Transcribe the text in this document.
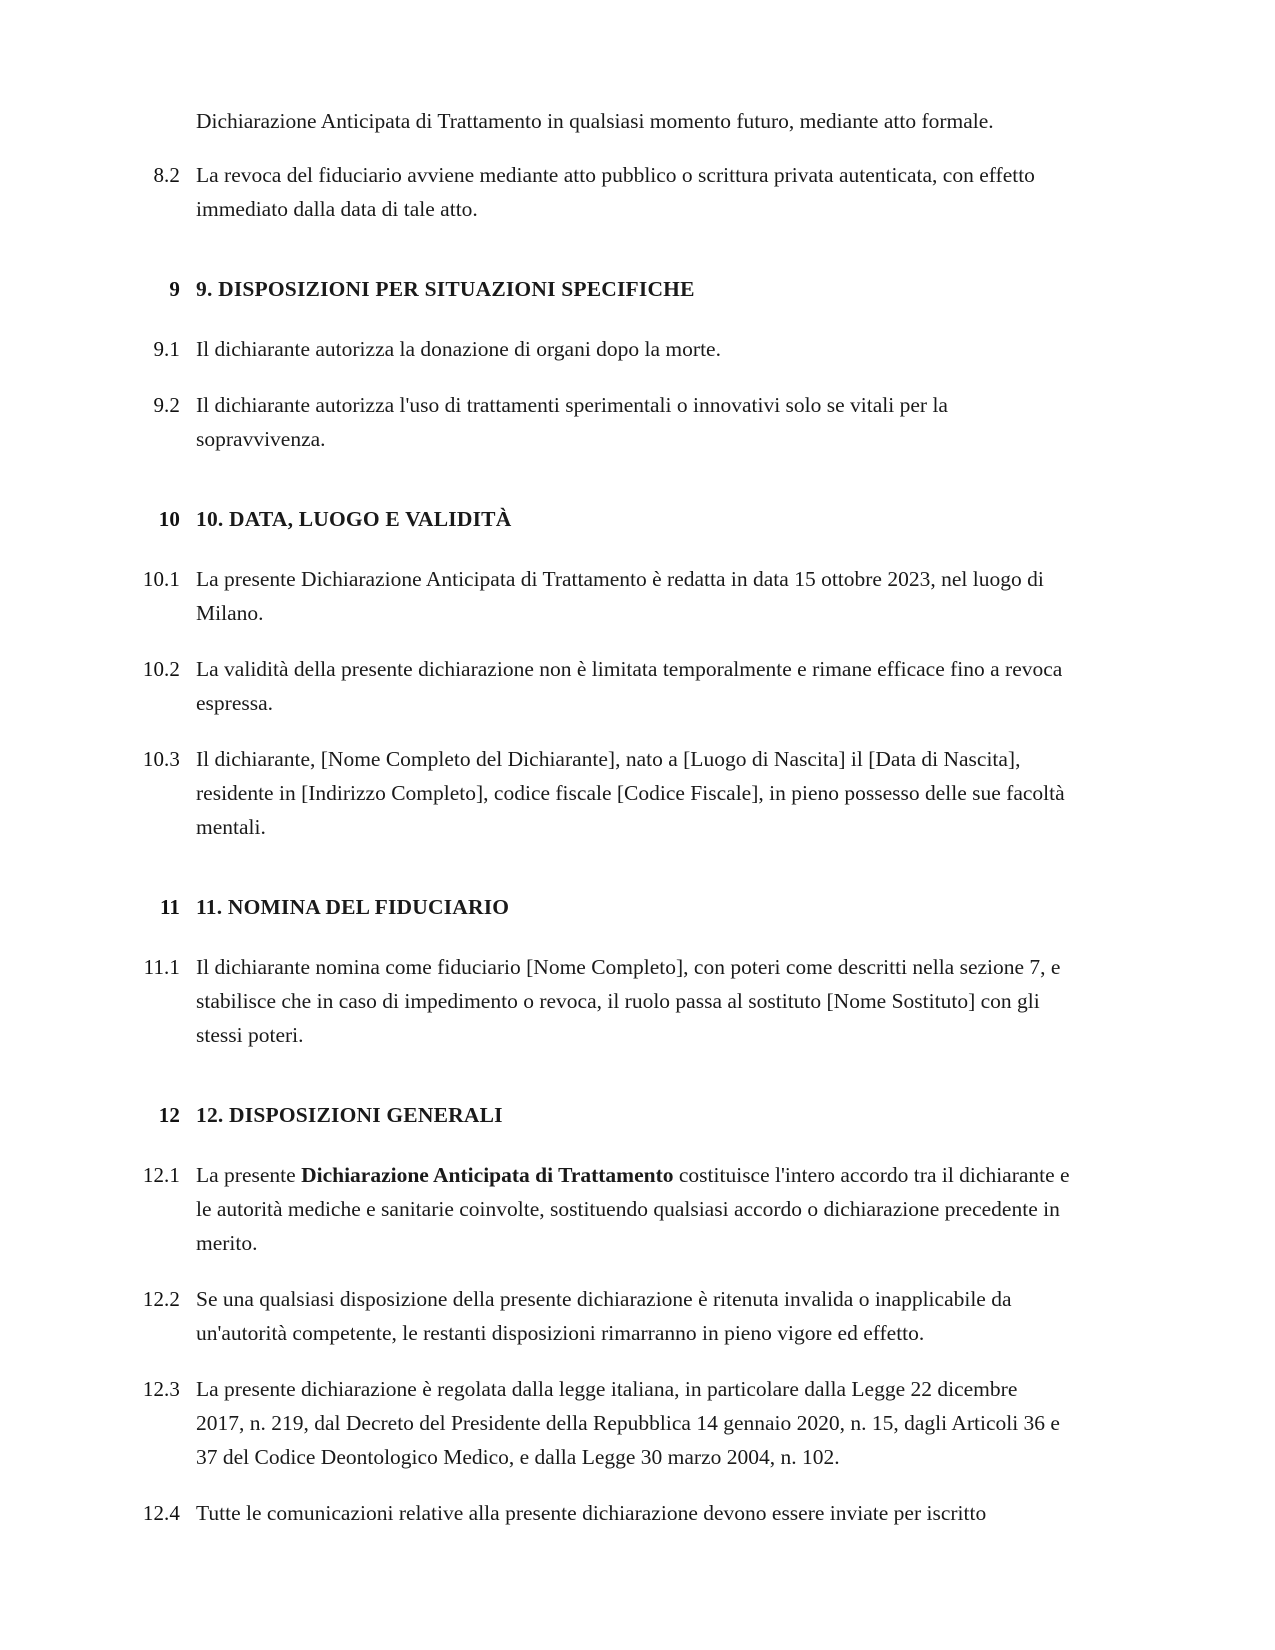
Dichiarazione Anticipata di Trattamento in qualsiasi momento futuro, mediante atto formale.
8.2 La revoca del fiduciario avviene mediante atto pubblico o scrittura privata autenticata, con effetto immediato dalla data di tale atto.
9 9. DISPOSIZIONI PER SITUAZIONI SPECIFICHE
9.1 Il dichiarante autorizza la donazione di organi dopo la morte.
9.2 Il dichiarante autorizza l'uso di trattamenti sperimentali o innovativi solo se vitali per la sopravvivenza.
10 10. DATA, LUOGO E VALIDITÀ
10.1 La presente Dichiarazione Anticipata di Trattamento è redatta in data 15 ottobre 2023, nel luogo di Milano.
10.2 La validità della presente dichiarazione non è limitata temporalmente e rimane efficace fino a revoca espressa.
10.3 Il dichiarante, [Nome Completo del Dichiarante], nato a [Luogo di Nascita] il [Data di Nascita], residente in [Indirizzo Completo], codice fiscale [Codice Fiscale], in pieno possesso delle sue facoltà mentali.
11 11. NOMINA DEL FIDUCIARIO
11.1 Il dichiarante nomina come fiduciario [Nome Completo], con poteri come descritti nella sezione 7, e stabilisce che in caso di impedimento o revoca, il ruolo passa al sostituto [Nome Sostituto] con gli stessi poteri.
12 12. DISPOSIZIONI GENERALI
12.1 La presente Dichiarazione Anticipata di Trattamento costituisce l'intero accordo tra il dichiarante e le autorità mediche e sanitarie coinvolte, sostituendo qualsiasi accordo o dichiarazione precedente in merito.
12.2 Se una qualsiasi disposizione della presente dichiarazione è ritenuta invalida o inapplicabile da un'autorità competente, le restanti disposizioni rimarranno in pieno vigore ed effetto.
12.3 La presente dichiarazione è regolata dalla legge italiana, in particolare dalla Legge 22 dicembre 2017, n. 219, dal Decreto del Presidente della Repubblica 14 gennaio 2020, n. 15, dagli Articoli 36 e 37 del Codice Deontologico Medico, e dalla Legge 30 marzo 2004, n. 102.
12.4 Tutte le comunicazioni relative alla presente dichiarazione devono essere inviate per iscritto
